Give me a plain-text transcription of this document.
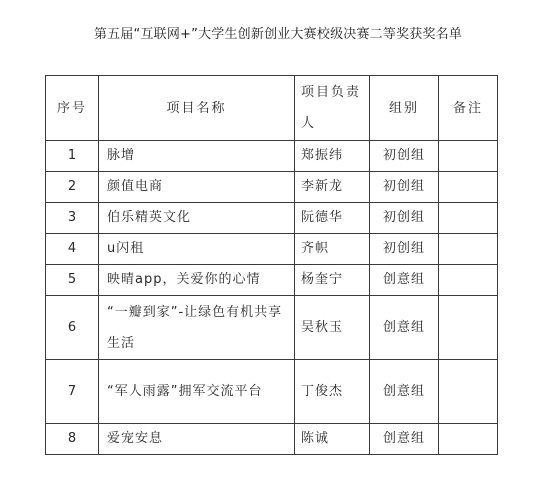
第五届“互联网+”大学生创新创业大赛校级决赛二等奖获奖名单
序号	项目名称	项目负责人	组别	备注
1	脉增	郑振纬	初创组	
2	颜值电商	李新龙	初创组	
3	伯乐精英文化	阮德华	初创组	
4	u闪租	齐帜	初创组	
5	映晴app，关爱你的心情	杨奎宁	创意组	
6	“一瓣到家”-让绿色有机共享生活	吴秋玉	创意组	
7	“军人雨露”拥军交流平台	丁俊杰	创意组	
8	爱宠安息	陈诚	创意组	
